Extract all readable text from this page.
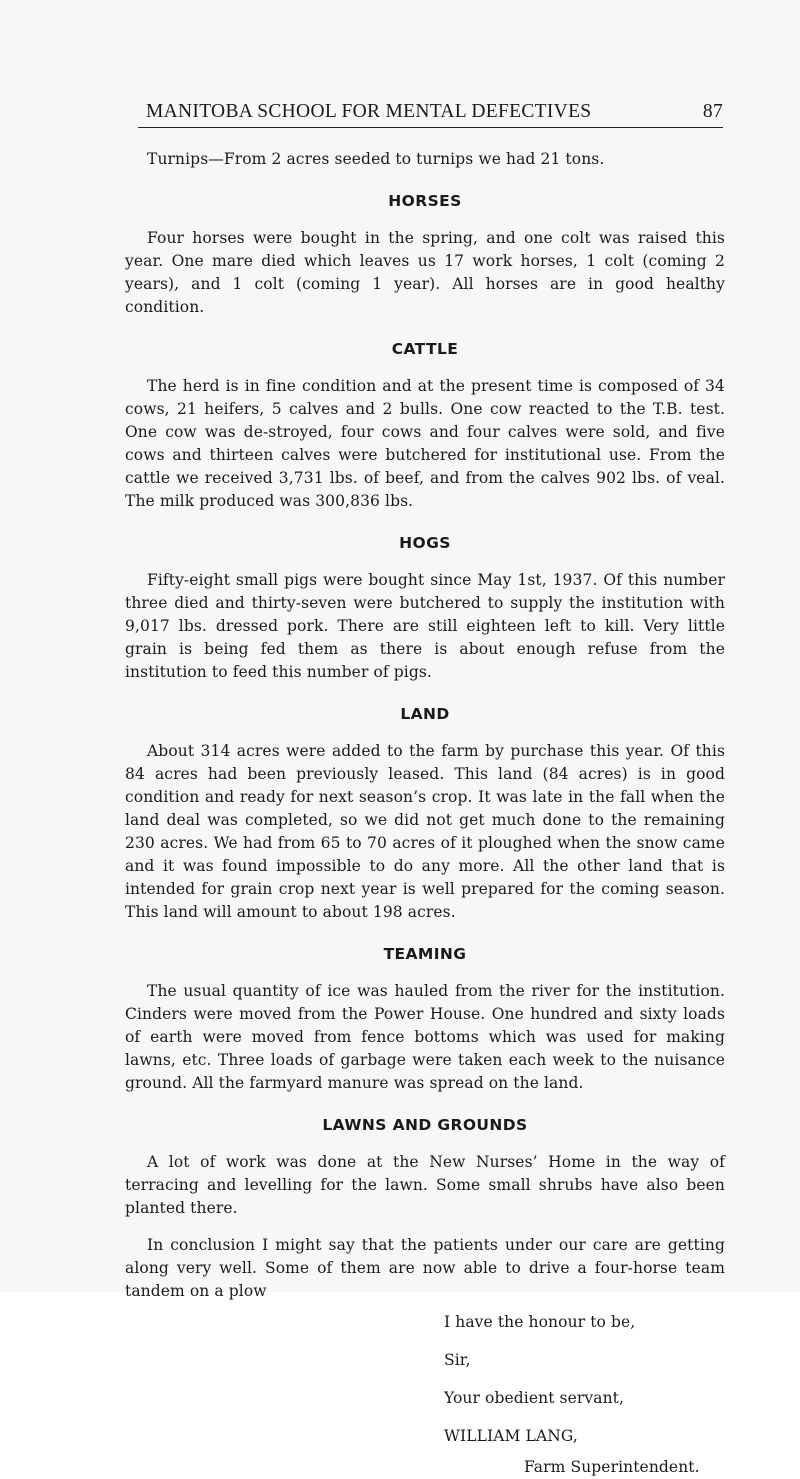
MANITOBA SCHOOL FOR MENTAL DEFECTIVES	87

Turnips—From 2 acres seeded to turnips we had 21 tons.

HORSES

Four horses were bought in the spring, and one colt was raised this year. One mare died which leaves us 17 work horses, 1 colt (coming 2 years), and 1 colt (coming 1 year). All horses are in good healthy condition.

CATTLE

The herd is in fine condition and at the present time is composed of 34 cows, 21 heifers, 5 calves and 2 bulls. One cow reacted to the T.B. test. One cow was de-stroyed, four cows and four calves were sold, and five cows and thirteen calves were butchered for institutional use. From the cattle we received 3,731 lbs. of beef, and from the calves 902 lbs. of veal. The milk produced was 300,836 lbs.

HOGS

Fifty-eight small pigs were bought since May 1st, 1937. Of this number three died and thirty-seven were butchered to supply the institution with 9,017 lbs. dressed pork. There are still eighteen left to kill. Very little grain is being fed them as there is about enough refuse from the institution to feed this number of pigs.

LAND

About 314 acres were added to the farm by purchase this year. Of this 84 acres had been previously leased. This land (84 acres) is in good condition and ready for next season’s crop. It was late in the fall when the land deal was completed, so we did not get much done to the remaining 230 acres. We had from 65 to 70 acres of it ploughed when the snow came and it was found impossible to do any more. All the other land that is intended for grain crop next year is well prepared for the coming season. This land will amount to about 198 acres.

TEAMING

The usual quantity of ice was hauled from the river for the institution. Cinders were moved from the Power House. One hundred and sixty loads of earth were moved from fence bottoms which was used for making lawns, etc. Three loads of garbage were taken each week to the nuisance ground. All the farmyard manure was spread on the land.

LAWNS AND GROUNDS

A lot of work was done at the New Nurses’ Home in the way of terracing and levelling for the lawn. Some small shrubs have also been planted there.

In conclusion I might say that the patients under our care are getting along very well. Some of them are now able to drive a four-horse team tandem on a plow

I have the honour to be,
Sir,
Your obedient servant,
WILLIAM LANG,
Farm Superintendent.
